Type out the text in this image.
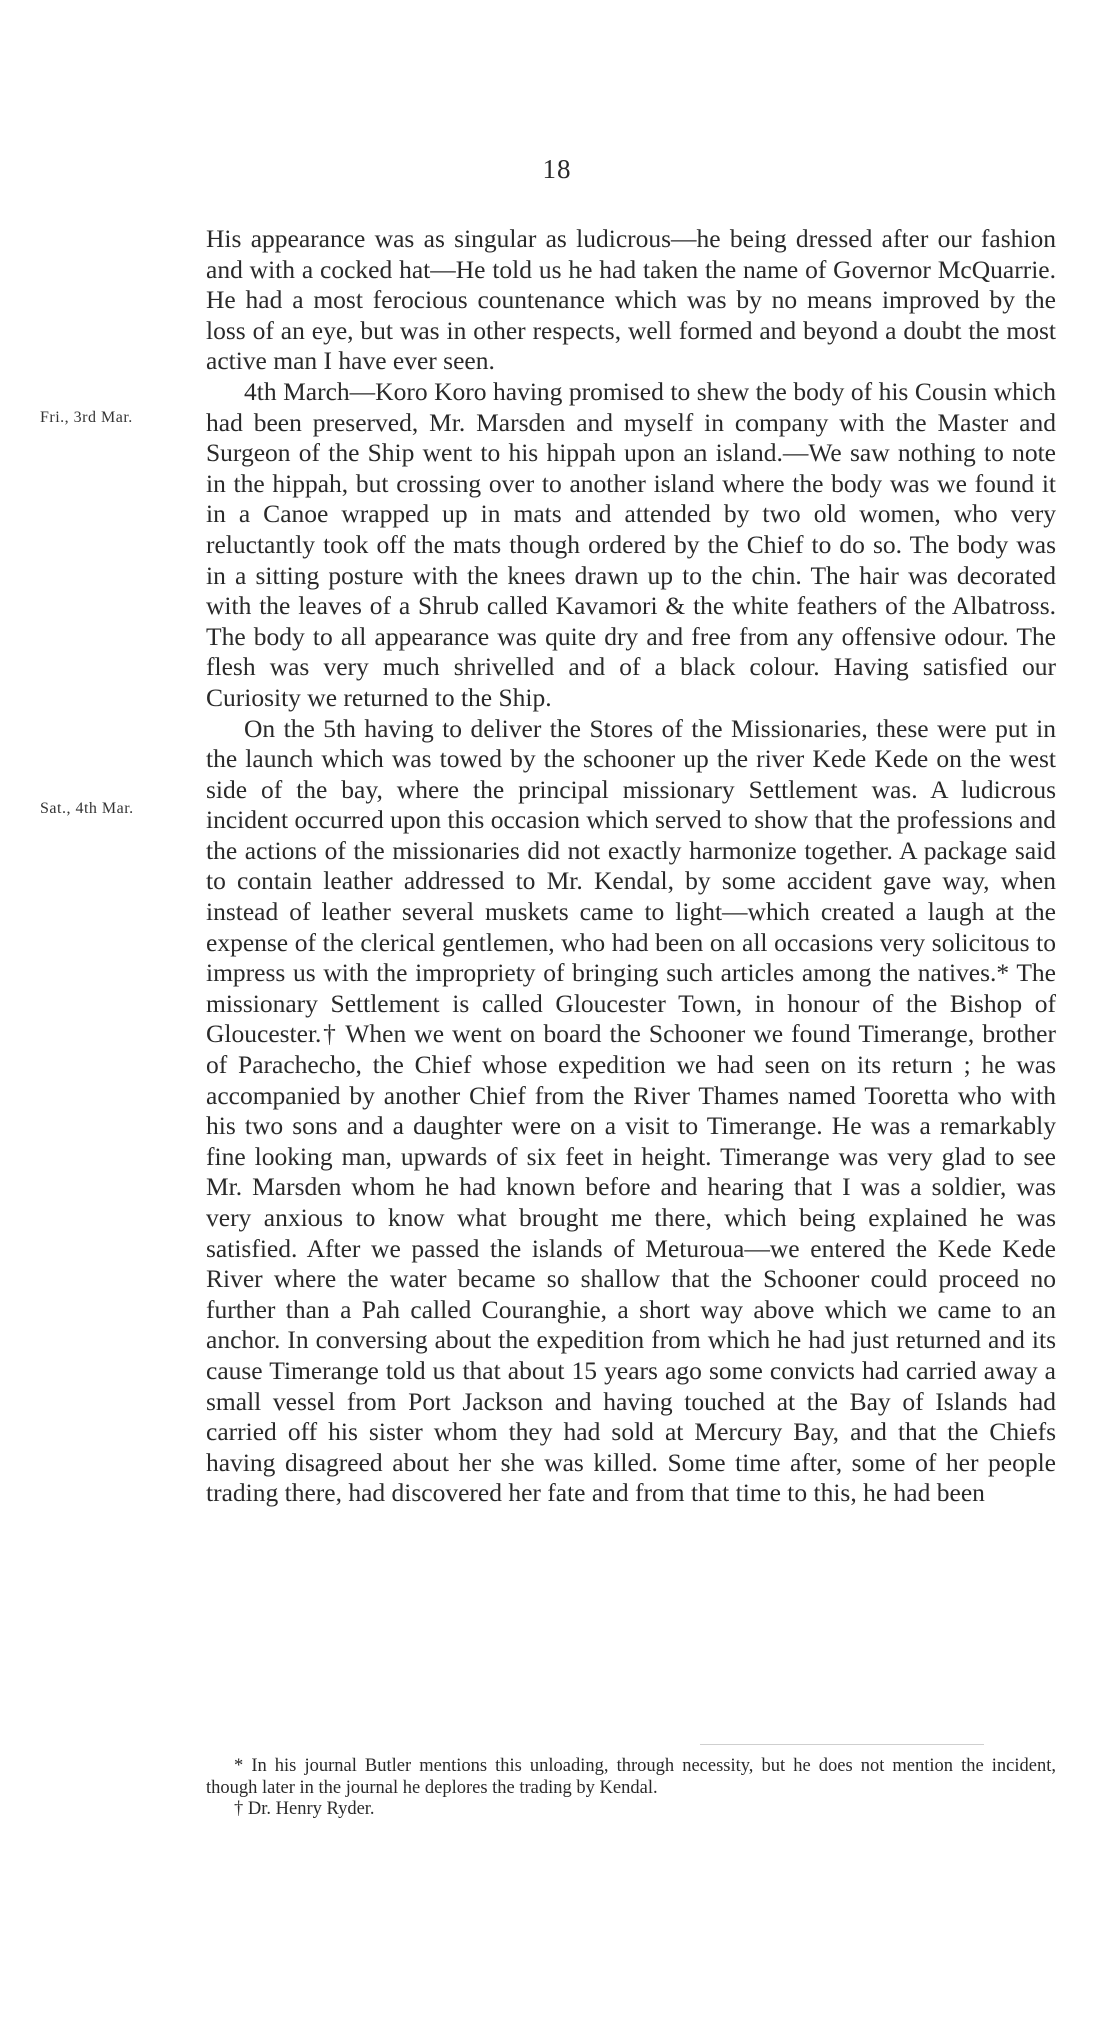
18
Fri., 3rd Mar.
Sat., 4th Mar.

His appearance was as singular as ludicrous—he being dressed after our fashion and with a cocked hat—He told us he had taken the name of Governor McQuarrie. He had a most ferocious countenance which was by no means improved by the loss of an eye, but was in other respects, well formed and beyond a doubt the most active man I have ever seen.

4th March—Koro Koro having promised to shew the body of his Cousin which had been preserved, Mr. Marsden and myself in company with the Master and Surgeon of the Ship went to his hippah upon an island.—We saw nothing to note in the hippah, but crossing over to another island where the body was we found it in a Canoe wrapped up in mats and attended by two old women, who very reluctantly took off the mats though ordered by the Chief to do so. The body was in a sitting posture with the knees drawn up to the chin. The hair was decorated with the leaves of a Shrub called Kavamori & the white feathers of the Albatross. The body to all appearance was quite dry and free from any offensive odour. The flesh was very much shrivelled and of a black colour. Having satisfied our Curiosity we returned to the Ship.

On the 5th having to deliver the Stores of the Missionaries, these were put in the launch which was towed by the schooner up the river Kede Kede on the west side of the bay, where the principal missionary Settlement was. A ludicrous incident occurred upon this occasion which served to show that the professions and the actions of the missionaries did not exactly harmonize together. A package said to contain leather addressed to Mr. Kendal, by some accident gave way, when instead of leather several muskets came to light—which created a laugh at the expense of the clerical gentlemen, who had been on all occasions very solicitous to impress us with the impropriety of bringing such articles among the natives.* The missionary Settlement is called Gloucester Town, in honour of the Bishop of Gloucester.† When we went on board the Schooner we found Timerange, brother of Parachecho, the Chief whose expedition we had seen on its return ; he was accompanied by another Chief from the River Thames named Tooretta who with his two sons and a daughter were on a visit to Timerange. He was a remarkably fine looking man, upwards of six feet in height. Timerange was very glad to see Mr. Marsden whom he had known before and hearing that I was a soldier, was very anxious to know what brought me there, which being explained he was satisfied. After we passed the islands of Meturoua—we entered the Kede Kede River where the water became so shallow that the Schooner could proceed no further than a Pah called Couranghie, a short way above which we came to an anchor. In conversing about the expedition from which he had just returned and its cause Timerange told us that about 15 years ago some convicts had carried away a small vessel from Port Jackson and having touched at the Bay of Islands had carried off his sister whom they had sold at Mercury Bay, and that the Chiefs having disagreed about her she was killed. Some time after, some of her people trading there, had discovered her fate and from that time to this, he had been

* In his journal Butler mentions this unloading, through necessity, but he does not mention the incident, though later in the journal he deplores the trading by Kendal.

† Dr. Henry Ryder.
